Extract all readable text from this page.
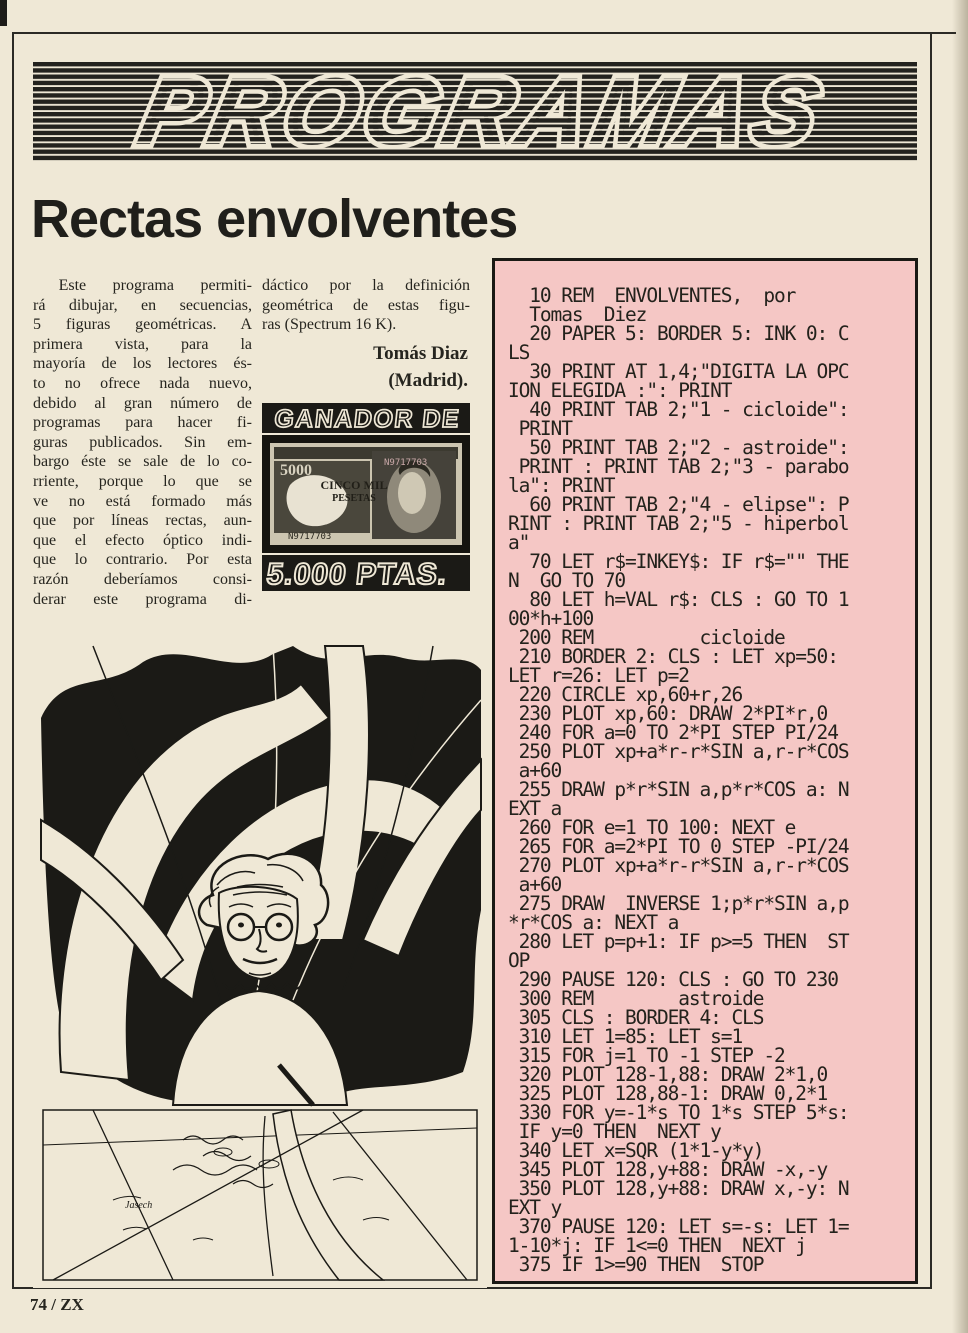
PROGRAMAS
Rectas envolventes
Este programa permiti-
rá dibujar, en secuencias,
5 figuras geométricas. A
primera vista, para la
mayoría de los lectores és-
to no ofrece nada nuevo,
debido al gran número de
programas para hacer fi-
guras publicados. Sin em-
bargo éste se sale de lo co-
rriente, porque lo que se
ve no está formado más
que por líneas rectas, aun-
que el efecto óptico indi-
que lo contrario. Por esta
razón deberíamos consi-
derar este programa di-
dáctico por la definición
geométrica de estas figu-
ras (Spectrum 16 K).
Tomás Diaz
(Madrid).
GANADOR DE
5000	N9717703
CINCO MIL
PESETAS
N9717703
5.000 PTAS.
Jasech
10 REM  ENVOLVENTES,  por
Tomas  Diez
20 PAPER 5: BORDER 5: INK 0: C
LS
30 PRINT AT 1,4;"DIGITA LA OPC
ION ELEGIDA :": PRINT
40 PRINT TAB 2;"1 - cicloide":
PRINT
50 PRINT TAB 2;"2 - astroide":
PRINT : PRINT TAB 2;"3 - parabo
la": PRINT
60 PRINT TAB 2;"4 - elipse": P
RINT : PRINT TAB 2;"5 - hiperbol
a"
70 LET r$=INKEY$: IF r$="" THE
N  GO TO 70
80 LET h=VAL r$: CLS : GO TO 1
00*h+100
200 REM          cicloide
210 BORDER 2: CLS : LET xp=50:
LET r=26: LET p=2
220 CIRCLE xp,60+r,26
230 PLOT xp,60: DRAW 2*PI*r,0
240 FOR a=0 TO 2*PI STEP PI/24
250 PLOT xp+a*r-r*SIN a,r-r*COS
a+60
255 DRAW p*r*SIN a,p*r*COS a: N
EXT a
260 FOR e=1 TO 100: NEXT e
265 FOR a=2*PI TO 0 STEP -PI/24
270 PLOT xp+a*r-r*SIN a,r-r*COS
a+60
275 DRAW  INVERSE 1;p*r*SIN a,p
*r*COS a: NEXT a
280 LET p=p+1: IF p>=5 THEN  ST
OP
290 PAUSE 120: CLS : GO TO 230
300 REM        astroide
305 CLS : BORDER 4: CLS
310 LET 1=85: LET s=1
315 FOR j=1 TO -1 STEP -2
320 PLOT 128-1,88: DRAW 2*1,0
325 PLOT 128,88-1: DRAW 0,2*1
330 FOR y=-1*s TO 1*s STEP 5*s:
IF y=0 THEN  NEXT y
340 LET x=SQR (1*1-y*y)
345 PLOT 128,y+88: DRAW -x,-y
350 PLOT 128,y+88: DRAW x,-y: N
EXT y
370 PAUSE 120: LET s=-s: LET 1=
1-10*j: IF 1<=0 THEN  NEXT j
375 IF 1>=90 THEN  STOP
74 / ZX
